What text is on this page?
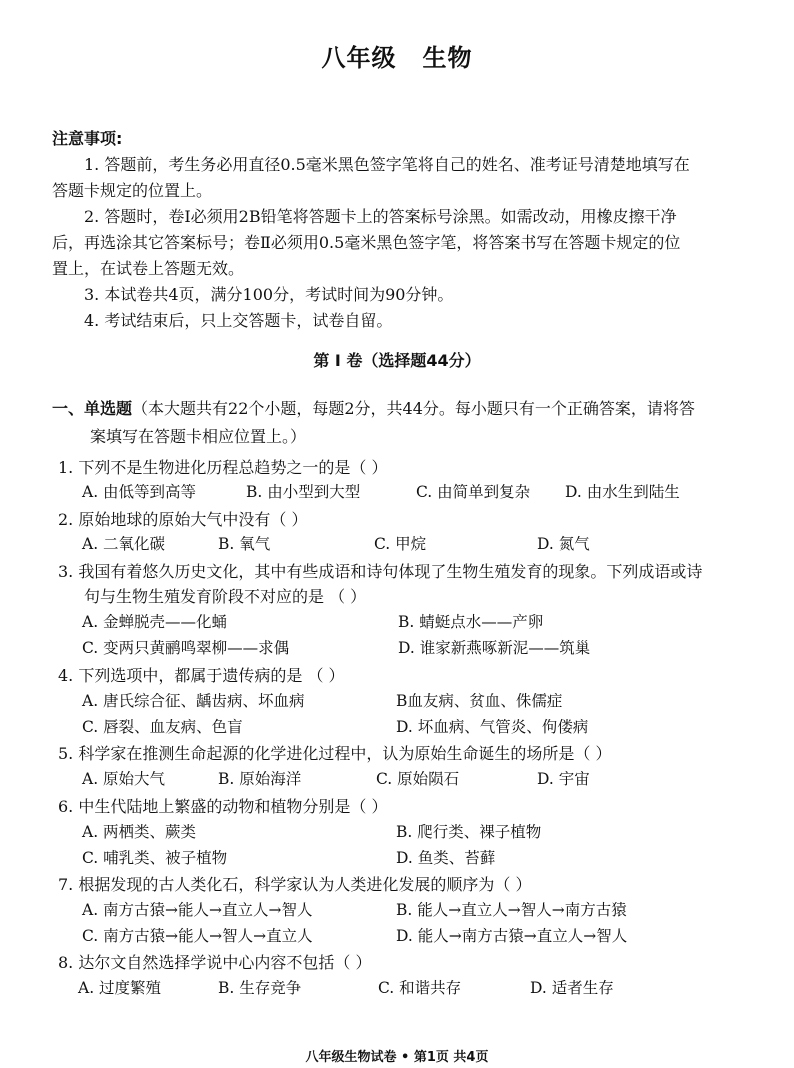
八年级 生物
注意事项:
1. 答题前，考生务必用直径0.5毫米黑色签字笔将自己的姓名、准考证号清楚地填写在
答题卡规定的位置上。
2. 答题时，卷Ⅰ必须用2B铅笔将答题卡上的答案标号涂黑。如需改动，用橡皮擦干净
后，再选涂其它答案标号；卷Ⅱ必须用0.5毫米黑色签字笔，将答案书写在答题卡规定的位
置上，在试卷上答题无效。
3. 本试卷共4页，满分100分，考试时间为90分钟。
4. 考试结束后，只上交答题卡，试卷自留。
第 I 卷（选择题44分）
一、单选题（本大题共有22个小题，每题2分，共44分。每小题只有一个正确答案，请将答
案填写在答题卡相应位置上。）
1. 下列不是生物进化历程总趋势之一的是（ ）
A. 由低等到高等	B. 由小型到大型	C. 由简单到复杂 D. 由水生到陆生
2. 原始地球的原始大气中没有（ ）
A. 二氧化碳	B. 氧气	C. 甲烷	D. 氮气
3. 我国有着悠久历史文化，其中有些成语和诗句体现了生物生殖发育的现象。下列成语或诗
句与生物生殖发育阶段不对应的是 （ ）
A. 金蝉脱壳——化蛹	B. 蜻蜓点水——产卵
C. 变两只黄鹂鸣翠柳——求偶	D. 谁家新燕啄新泥——筑巢
4. 下列选项中，都属于遗传病的是 （ ）
A. 唐氏综合征、龋齿病、坏血病	B血友病、贫血、侏儒症
C. 唇裂、血友病、色盲	D. 坏血病、气管炎、佝偻病
5. 科学家在推测生命起源的化学进化过程中，认为原始生命诞生的场所是（ ）
A. 原始大气	B. 原始海洋	C. 原始陨石	D. 宇宙
6. 中生代陆地上繁盛的动物和植物分别是（ ）
A. 两栖类、蕨类	B. 爬行类、裸子植物
C. 哺乳类、被子植物	D. 鱼类、苔藓
7. 根据发现的古人类化石，科学家认为人类进化发展的顺序为（ ）
A. 南方古猿→能人→直立人→智人	B. 能人→直立人→智人→南方古猿
C. 南方古猿→能人→智人→直立人	D. 能人→南方古猿→直立人→智人
8. 达尔文自然选择学说中心内容不包括（ ）
A. 过度繁殖	B. 生存竞争	C. 和谐共存	D. 适者生存
八年级生物试卷 • 第1页 共4页
